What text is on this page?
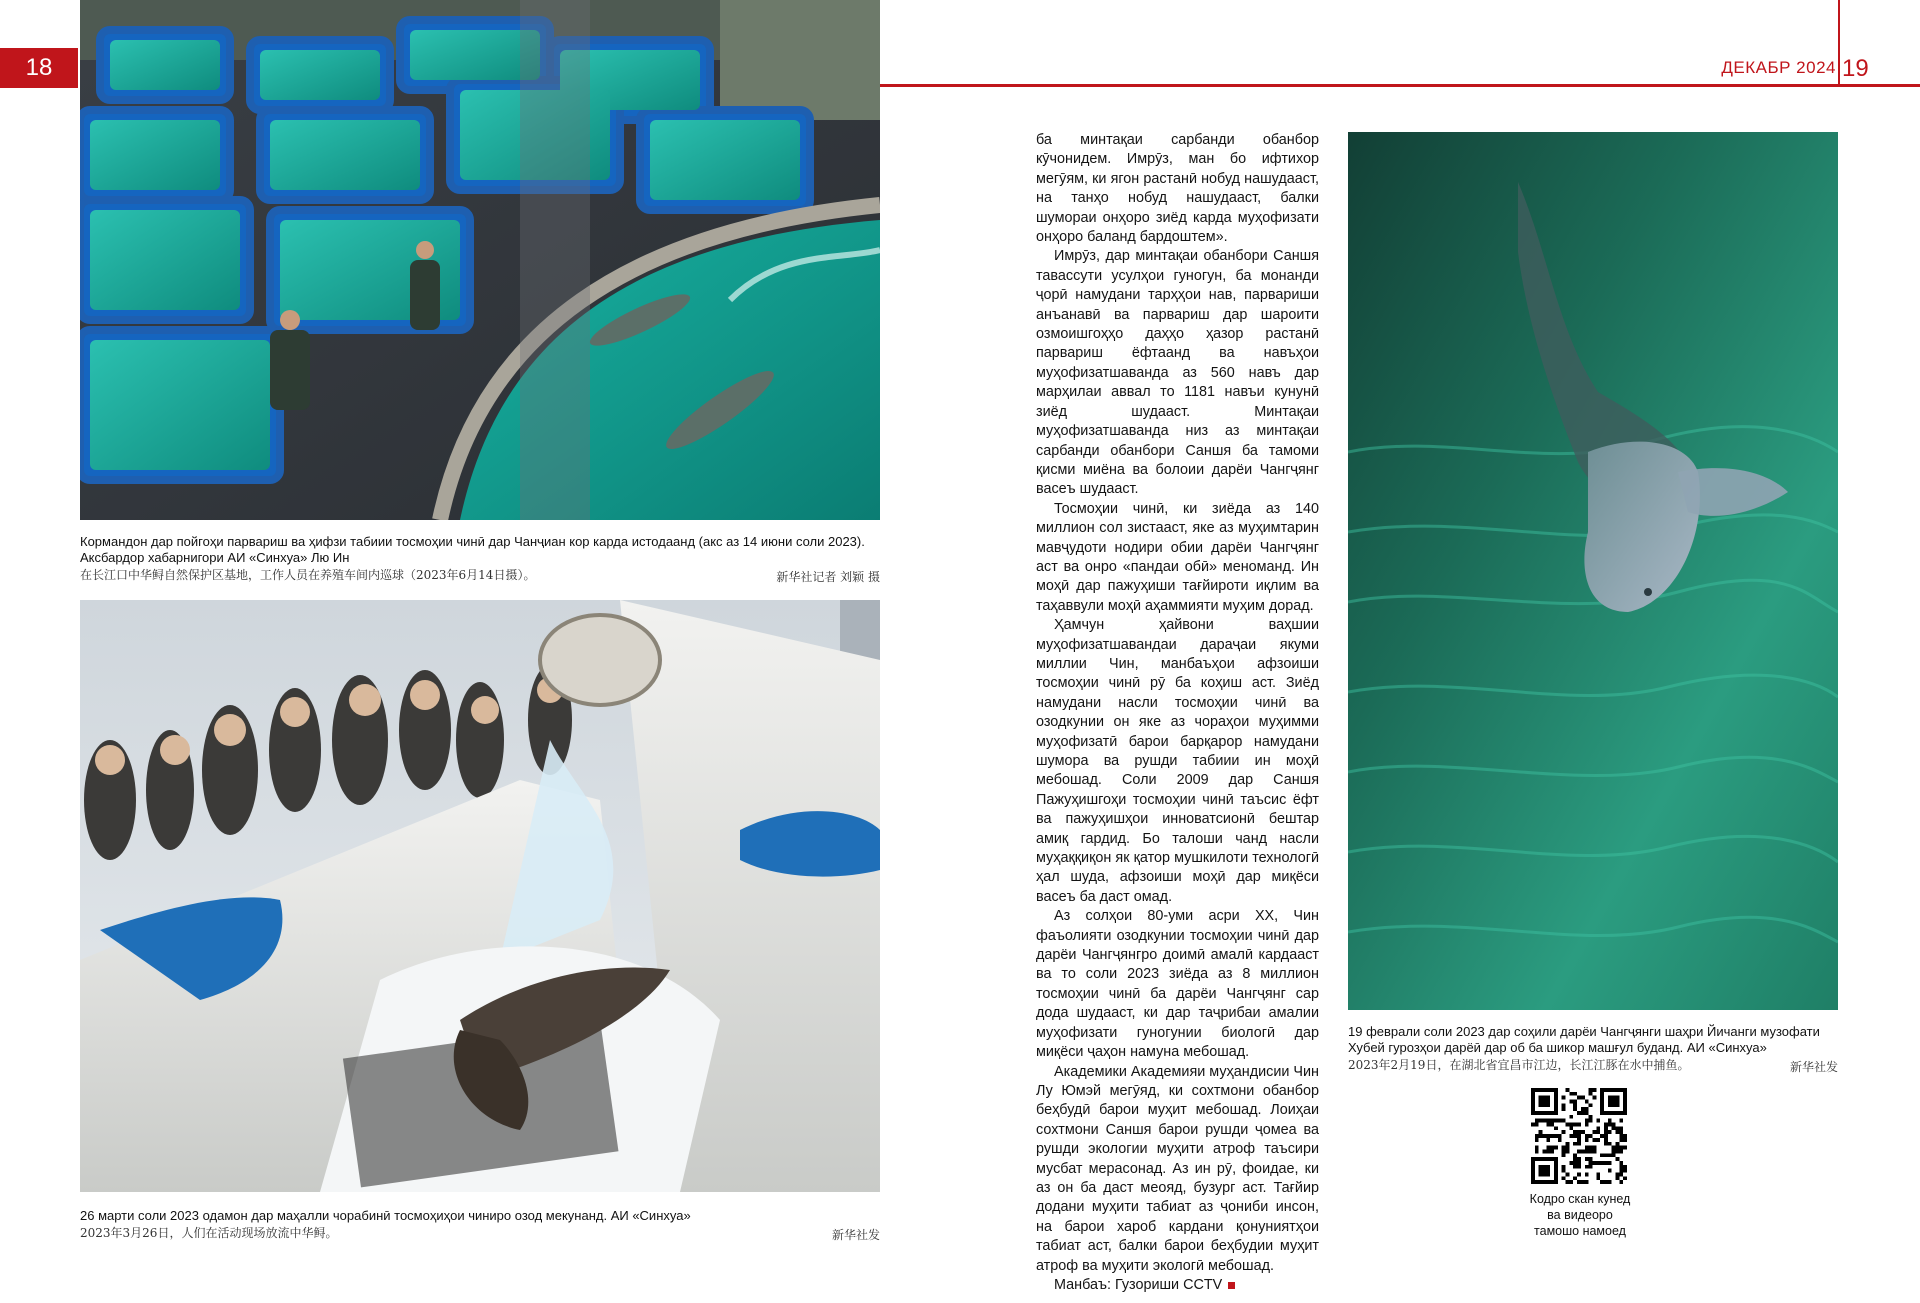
18	ДЕКАБР 2024 19
Кормандон дар пойгоҳи парвариш ва ҳифзи табиии тосмоҳии чинӣ дар Чанҷиан кор карда истодаанд (акс аз 14 июни соли 2023).
Аксбардор хабарнигори АИ «Синхуа» Лю Ин
在长江口中华鲟自然保护区基地，工作人员在养殖车间内巡球（2023年6月14日摄）。	新华社记者 刘颖 摄
26 марти соли 2023 одамон дар маҳалли чорабинӣ тосмоҳиҳои чиниро озод мекунанд. АИ «Синхуа»
2023年3月26日，人们在活动现场放流中华鲟。	新华社发

ба минтақаи сарбанди обанбор кӯчонидем. Имрӯз, ман бо ифтихор мегӯям, ки ягон растанӣ нобуд нашудааст, на танҳо нобуд нашудааст, балки шумораи онҳоро зиёд карда муҳофизати онҳоро баланд бардоштем».

Имрӯз, дар минтақаи обанбори Саншя тавассути усулҳои гуногун, ба монанди ҷорӣ намудани тарҳҳои нав, парвариши анъанавӣ ва парвариш дар шароити озмоишгоҳҳо даҳҳо ҳазор растанӣ парвариш ёфтаанд ва навъҳои муҳофизатшаванда аз 560 навъ дар марҳилаи аввал то 1181 навъи кунунӣ зиёд шудааст. Минтақаи муҳофизатшаванда низ аз минтақаи сарбанди обанбори Саншя ба тамоми қисми миёна ва болоии дарёи Чангҷянг васеъ шудааст.

Тосмоҳии чинӣ, ки зиёда аз 140 миллион сол зистааст, яке аз муҳимтарин мавҷудоти нодири обии дарёи Чангҷянг аст ва онро «пандаи обӣ» меноманд. Ин моҳӣ дар пажуҳиши тағйироти иқлим ва таҳаввули моҳӣ аҳаммияти муҳим дорад.

Ҳамчун ҳайвони ваҳшии муҳофизатшавандаи дараҷаи якуми миллии Чин, манбаъҳои афзоиши тосмоҳии чинӣ рӯ ба коҳиш аст. Зиёд намудани насли тосмоҳии чинӣ ва озодкунии он яке аз чораҳои муҳимми муҳофизатӣ барои барқарор намудани шумора ва рушди табиии ин моҳӣ мебошад. Соли 2009 дар Саншя Пажуҳишгоҳи тосмоҳии чинӣ таъсис ёфт ва пажуҳишҳои инноватсионӣ бештар амиқ гардид. Бо талоши чанд насли муҳаққиқон як қатор мушкилоти технологӣ ҳал шуда, афзоиши моҳӣ дар миқёси васеъ ба даст омад.

Аз солҳои 80-уми асри ХХ, Чин фаъолияти озодкунии тосмоҳии чинӣ дар дарёи Чангҷянгро доимӣ амалӣ кардааст ва то соли 2023 зиёда аз 8 миллион тосмоҳии чинӣ ба дарёи Чангҷянг сар дода шудааст, ки дар таҷрибаи амалии муҳофизати гуногунии биологӣ дар миқёси ҷаҳон намуна мебошад.

Академики Академияи муҳандисии Чин Лу Юмэй мегӯяд, ки сохтмони обанбор беҳбудӣ барои муҳит мебошад. Лоиҳаи сохтмони Саншя барои рушди ҷомеа ва рушди экологии муҳити атроф таъсири мусбат мерасонад. Аз ин рӯ, фоидае, ки аз он ба даст меояд, бузург аст. Тағйир додани муҳити табиат аз ҷониби инсон, на барои хароб кардани қонуниятҳои табиат аст, балки барои беҳбудии муҳит атроф ва муҳити экологӣ мебошад.

Манбаъ: Гузориши CCTV

19 феврали соли 2023 дар соҳили дарёи Чангҷянги шаҳри Йичанги музофати
Хубей гурозҳои дарёӣ дар об ба шикор машғул буданд. АИ «Синхуа»
2023年2月19日，在湖北省宜昌市江边，长江江豚在水中捕鱼。	新华社发
Кодро скан кунед
ва видеоро
тамошо намоед
